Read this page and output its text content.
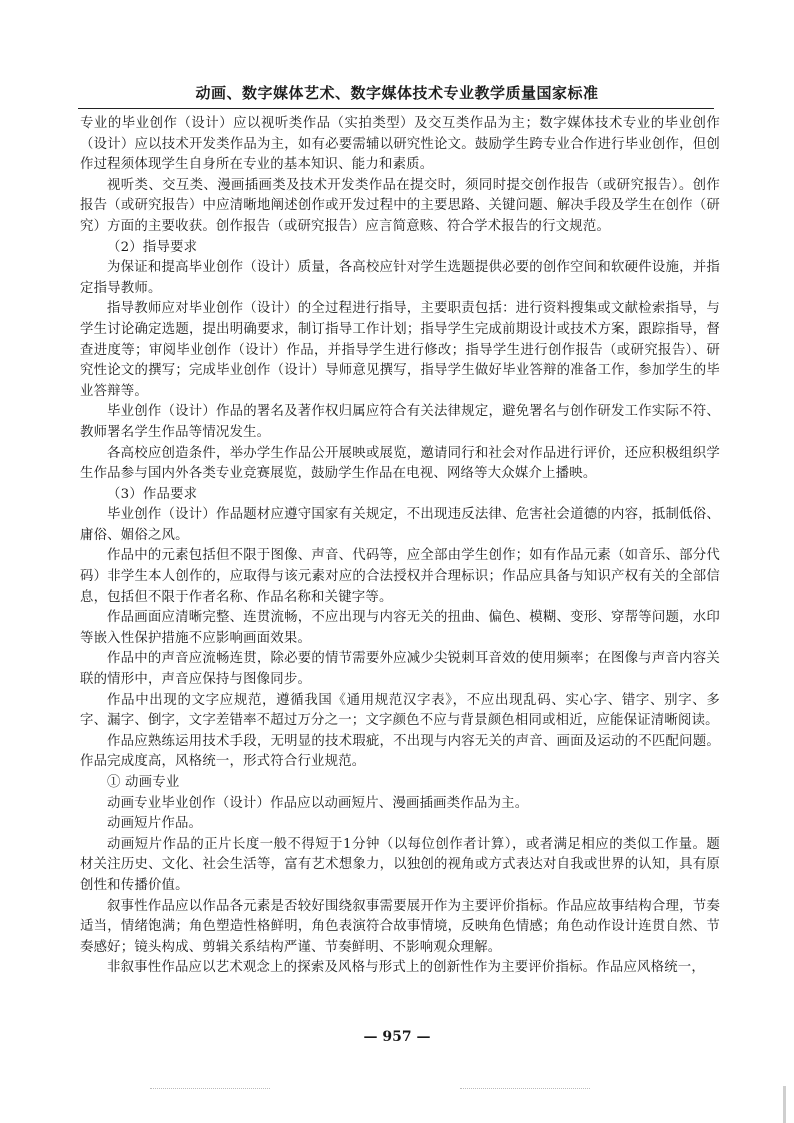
动画、数字媒体艺术、数字媒体技术专业教学质量国家标准

专业的毕业创作（设计）应以视听类作品（实拍类型）及交互类作品为主；数字媒体技术专业的毕业创作（设计）应以技术开发类作品为主，如有必要需辅以研究性论文。鼓励学生跨专业合作进行毕业创作，但创作过程须体现学生自身所在专业的基本知识、能力和素质。

视听类、交互类、漫画插画类及技术开发类作品在提交时，须同时提交创作报告（或研究报告）。创作报告（或研究报告）中应清晰地阐述创作或开发过程中的主要思路、关键问题、解决手段及学生在创作（研究）方面的主要收获。创作报告（或研究报告）应言简意赅、符合学术报告的行文规范。

（2）指导要求

为保证和提高毕业创作（设计）质量，各高校应针对学生选题提供必要的创作空间和软硬件设施，并指定指导教师。

指导教师应对毕业创作（设计）的全过程进行指导，主要职责包括：进行资料搜集或文献检索指导，与学生讨论确定选题，提出明确要求，制订指导工作计划；指导学生完成前期设计或技术方案，跟踪指导，督查进度等；审阅毕业创作（设计）作品，并指导学生进行修改；指导学生进行创作报告（或研究报告）、研究性论文的撰写；完成毕业创作（设计）导师意见撰写，指导学生做好毕业答辩的准备工作，参加学生的毕业答辩等。

毕业创作（设计）作品的署名及著作权归属应符合有关法律规定，避免署名与创作研发工作实际不符、教师署名学生作品等情况发生。

各高校应创造条件，举办学生作品公开展映或展览，邀请同行和社会对作品进行评价，还应积极组织学生作品参与国内外各类专业竞赛展览，鼓励学生作品在电视、网络等大众媒介上播映。

（3）作品要求

毕业创作（设计）作品题材应遵守国家有关规定，不出现违反法律、危害社会道德的内容，抵制低俗、庸俗、媚俗之风。

作品中的元素包括但不限于图像、声音、代码等，应全部由学生创作；如有作品元素（如音乐、部分代码）非学生本人创作的，应取得与该元素对应的合法授权并合理标识；作品应具备与知识产权有关的全部信息，包括但不限于作者名称、作品名称和关键字等。

作品画面应清晰完整、连贯流畅，不应出现与内容无关的扭曲、偏色、模糊、变形、穿帮等问题，水印等嵌入性保护措施不应影响画面效果。

作品中的声音应流畅连贯，除必要的情节需要外应减少尖锐刺耳音效的使用频率；在图像与声音内容关联的情形中，声音应保持与图像同步。

作品中出现的文字应规范，遵循我国《通用规范汉字表》，不应出现乱码、实心字、错字、别字、多字、漏字、倒字，文字差错率不超过万分之一；文字颜色不应与背景颜色相同或相近，应能保证清晰阅读。

作品应熟练运用技术手段，无明显的技术瑕疵，不出现与内容无关的声音、画面及运动的不匹配问题。作品完成度高，风格统一，形式符合行业规范。

① 动画专业

动画专业毕业创作（设计）作品应以动画短片、漫画插画类作品为主。

动画短片作品。

动画短片作品的正片长度一般不得短于1分钟（以每位创作者计算），或者满足相应的类似工作量。题材关注历史、文化、社会生活等，富有艺术想象力，以独创的视角或方式表达对自我或世界的认知，具有原创性和传播价值。

叙事性作品应以作品各元素是否较好围绕叙事需要展开作为主要评价指标。作品应故事结构合理，节奏适当，情绪饱满；角色塑造性格鲜明，角色表演符合故事情境，反映角色情感；角色动作设计连贯自然、节奏感好；镜头构成、剪辑关系结构严谨、节奏鲜明、不影响观众理解。

非叙事性作品应以艺术观念上的探索及风格与形式上的创新性作为主要评价指标。作品应风格统一，

— 957 —
